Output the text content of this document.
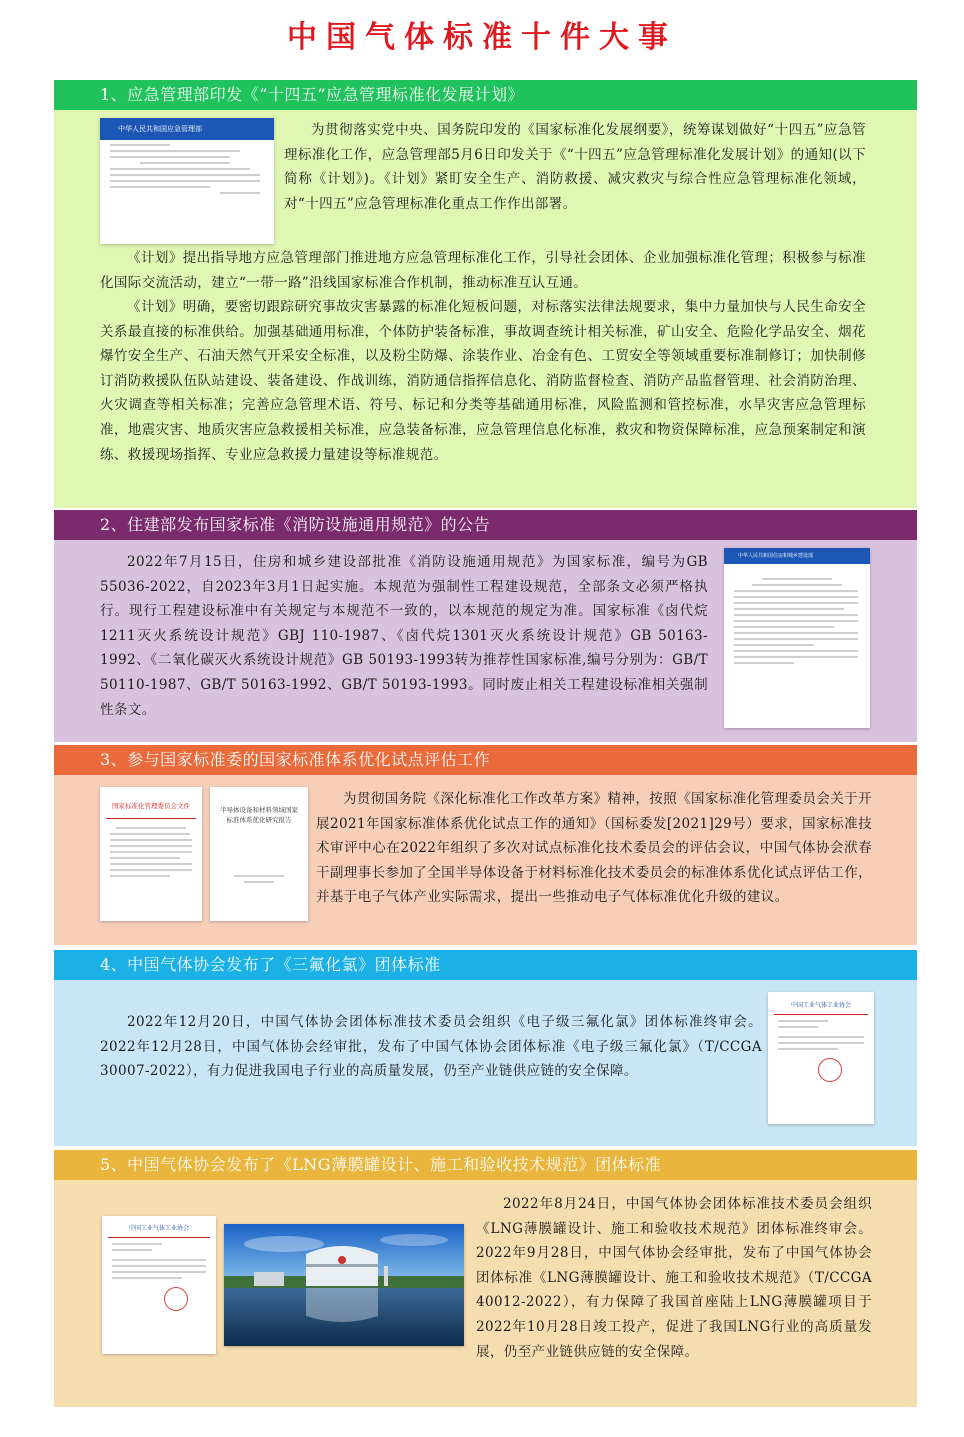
中国气体标准十件大事
1、应急管理部印发《“十四五”应急管理标准化发展计划》
中华人民共和国应急管理部	为贯彻落实党中央、国务院印发的《国家标准化发展纲要》，统筹谋划做好“十四五”应急管理标准化工作，应急管理部5月6日印发关于《“十四五”应急管理标准化发展计划》的通知(以下简称《计划》)。《计划》紧盯安全生产、消防救援、减灾救灾与综合性应急管理标准化领域，对“十四五”应急管理标准化重点工作作出部署。

《计划》提出指导地方应急管理部门推进地方应急管理标准化工作，引导社会团体、企业加强标准化管理；积极参与标准化国际交流活动，建立“一带一路”沿线国家标准合作机制，推动标准互认互通。

《计划》明确，要密切跟踪研究事故灾害暴露的标准化短板问题，对标落实法律法规要求，集中力量加快与人民生命安全关系最直接的标准供给。加强基础通用标准，个体防护装备标准，事故调查统计相关标准，矿山安全、危险化学品安全、烟花爆竹安全生产、石油天然气开采安全标准，以及粉尘防爆、涂装作业、冶金有色、工贸安全等领域重要标准制修订；加快制修订消防救援队伍队站建设、装备建设、作战训练，消防通信指挥信息化、消防监督检查、消防产品监督管理、社会消防治理、火灾调查等相关标准；完善应急管理术语、符号、标记和分类等基础通用标准，风险监测和管控标准，水旱灾害应急管理标准，地震灾害、地质灾害应急救援相关标准，应急装备标准，应急管理信息化标准，救灾和物资保障标准，应急预案制定和演练、救援现场指挥、专业应急救援力量建设等标准规范。

2、住建部发布国家标准《消防设施通用规范》的公告

2022年7月15日，住房和城乡建设部批准《消防设施通用规范》为国家标准，编号为GB 55036-2022，自2023年3月1日起实施。本规范为强制性工程建设规范，全部条文必须严格执行。现行工程建设标准中有关规定与本规范不一致的，以本规范的规定为准。国家标准《卤代烷1211灭火系统设计规范》GBJ 110-1987、《卤代烷1301灭火系统设计规范》GB 50163-1992、《二氧化碳灭火系统设计规范》GB 50193-1993转为推荐性国家标准,编号分别为：GB/T 50110-1987、GB/T 50163-1992、GB/T 50193-1993。同时废止相关工程建设标准相关强制性条文。

中华人民共和国住房和城乡建设部
3、参与国家标准委的国家标准体系优化试点评估工作
国家标准化管理委员会文件	半导体设备和材料领域国家标准体系优化研究报告

为贯彻国务院《深化标准化工作改革方案》精神，按照《国家标准化管理委员会关于开展2021年国家标准体系优化试点工作的通知》（国标委发[2021]29号）要求，国家标准技术审评中心在2022年组织了多次对试点标准化技术委员会的评估会议，中国气体协会洑春干副理事长参加了全国半导体设备于材料标准化技术委员会的标准体系优化试点评估工作，并基于电子气体产业实际需求，提出一些推动电子气体标准优化升级的建议。

4、中国气体协会发布了《三氟化氯》团体标准

2022年12月20日，中国气体协会团体标准技术委员会组织《电子级三氟化氯》团体标准终审会。2022年12月28日，中国气体协会经审批，发布了中国气体协会团体标准《电子级三氟化氯》（T/CCGA 30007-2022），有力促进我国电子行业的高质量发展，仍至产业链供应链的安全保障。

中国工业气体工业协会
5、中国气体协会发布了《LNG薄膜罐设计、施工和验收技术规范》团体标准
中国工业气体工业协会

2022年8月24日，中国气体协会团体标准技术委员会组织《LNG薄膜罐设计、施工和验收技术规范》团体标准终审会。2022年9月28日，中国气体协会经审批，发布了中国气体协会团体标准《LNG薄膜罐设计、施工和验收技术规范》（T/CCGA 40012-2022），有力保障了我国首座陆上LNG薄膜罐项目于2022年10月28日竣工投产，促进了我国LNG行业的高质量发展，仍至产业链供应链的安全保障。
